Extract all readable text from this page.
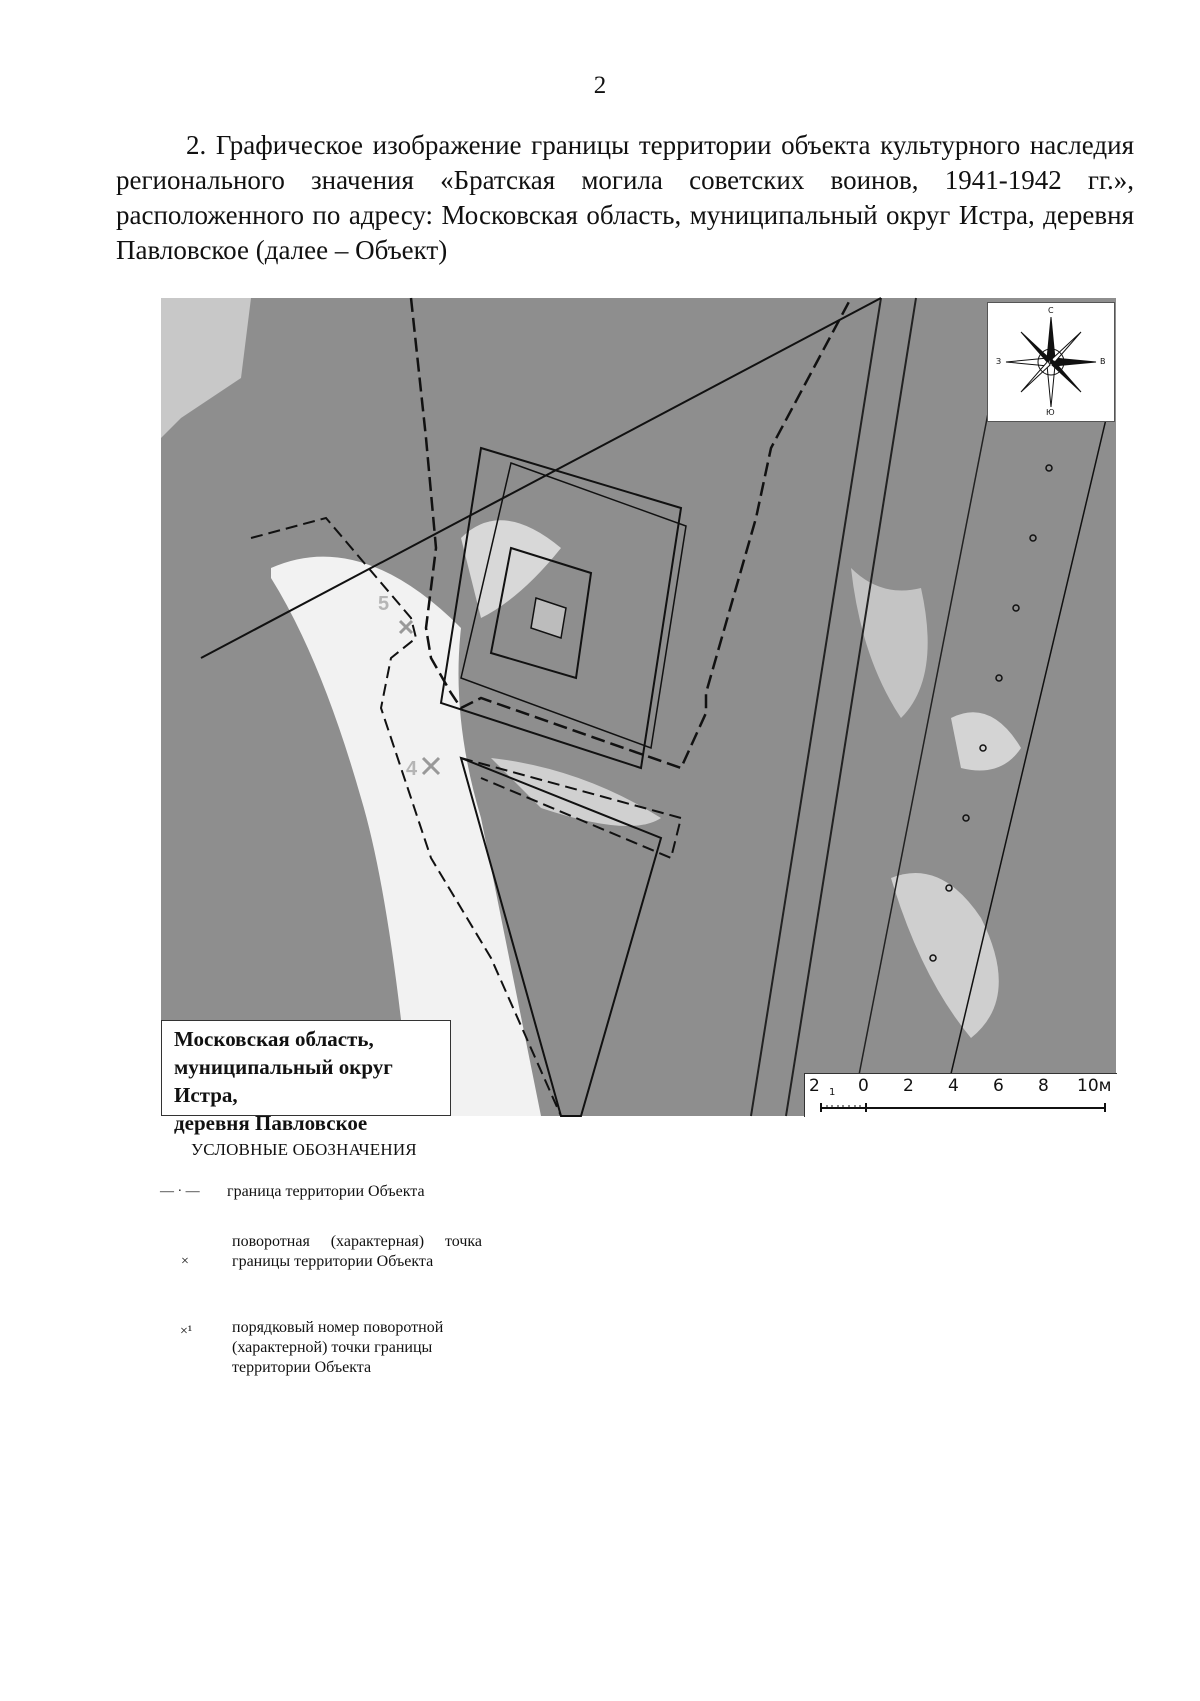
2
2. Графическое изображение границы территории объекта культурного наследия регионального значения «Братская могила советских воинов, 1941-1942 гг.», расположенного по адресу: Московская область, муниципальный округ Истра, деревня Павловское (далее – Объект)
5
4
С
Ю
З	В
Московская область,
муниципальный округ Истра,
деревня Павловское
2 1 0 2 4 6 8 10м
УСЛОВНЫЕ ОБОЗНАЧЕНИЯ
— · — граница территории Объекта
×
поворотная (характерная) точка границы территории Объекта
×¹ порядковый номер поворотной (характерной) точки границы территории Объекта
